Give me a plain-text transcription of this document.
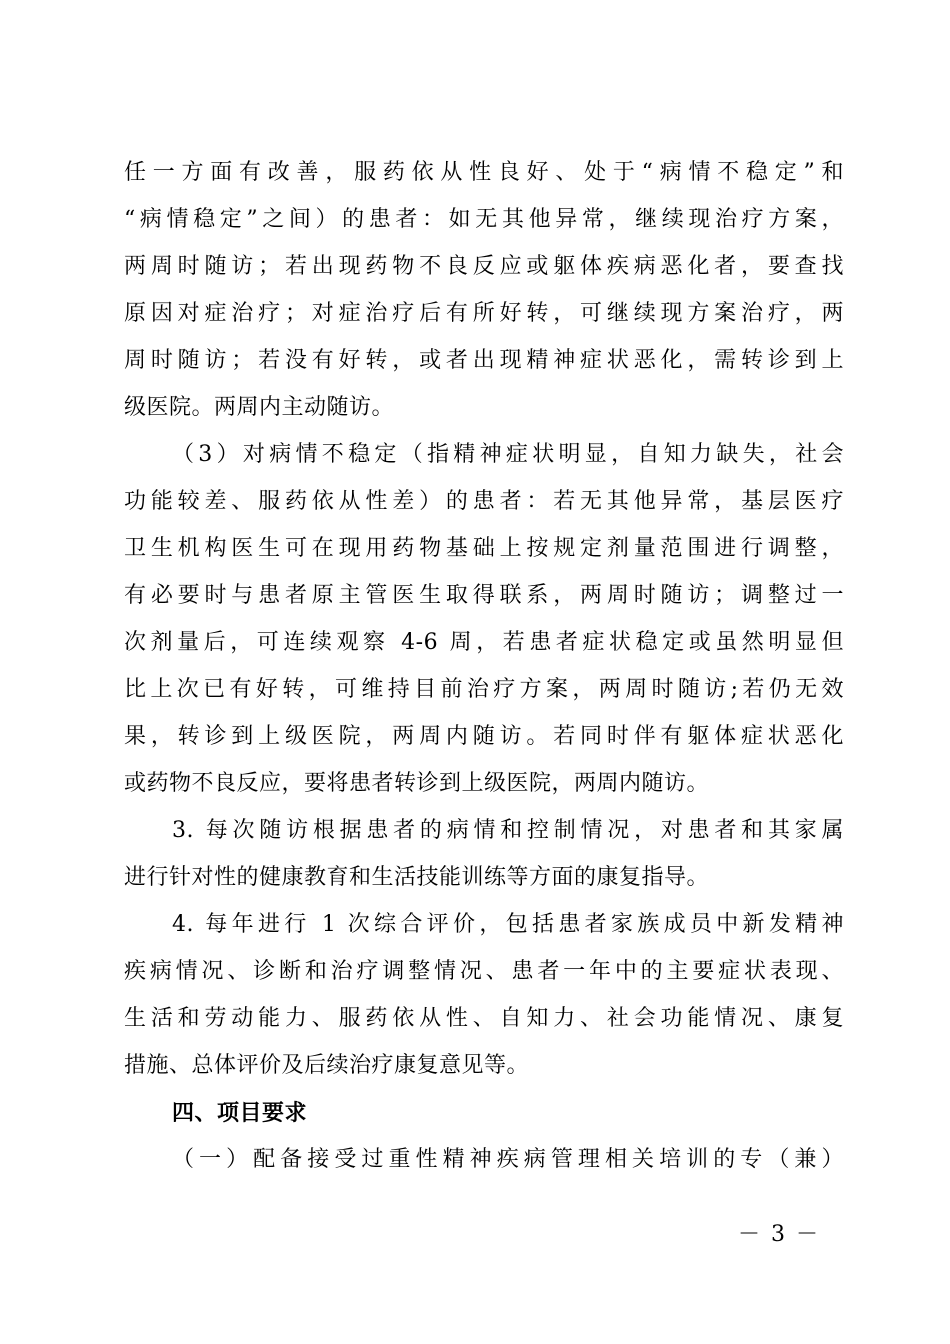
任一方面有改善，服药依从性良好、处于“病情不稳定”和
“病情稳定”之间）的患者：如无其他异常，继续现治疗方案，
两周时随访；若出现药物不良反应或躯体疾病恶化者，要查找
原因对症治疗；对症治疗后有所好转，可继续现方案治疗，两
周时随访；若没有好转，或者出现精神症状恶化，需转诊到上
级医院。两周内主动随访。
（3）对病情不稳定（指精神症状明显，自知力缺失，社会
功能较差、服药依从性差）的患者：若无其他异常，基层医疗
卫生机构医生可在现用药物基础上按规定剂量范围进行调整，
有必要时与患者原主管医生取得联系，两周时随访；调整过一
次剂量后，可连续观察 4-6 周，若患者症状稳定或虽然明显但
比上次已有好转，可维持目前治疗方案，两周时随访;若仍无效
果，转诊到上级医院，两周内随访。若同时伴有躯体症状恶化
或药物不良反应，要将患者转诊到上级医院，两周内随访。
3. 每次随访根据患者的病情和控制情况，对患者和其家属
进行针对性的健康教育和生活技能训练等方面的康复指导。
4. 每年进行 1 次综合评价，包括患者家族成员中新发精神
疾病情况、诊断和治疗调整情况、患者一年中的主要症状表现、
生活和劳动能力、服药依从性、自知力、社会功能情况、康复
措施、总体评价及后续治疗康复意见等。
四、项目要求
（一）配备接受过重性精神疾病管理相关培训的专（兼）
－ 3 －
